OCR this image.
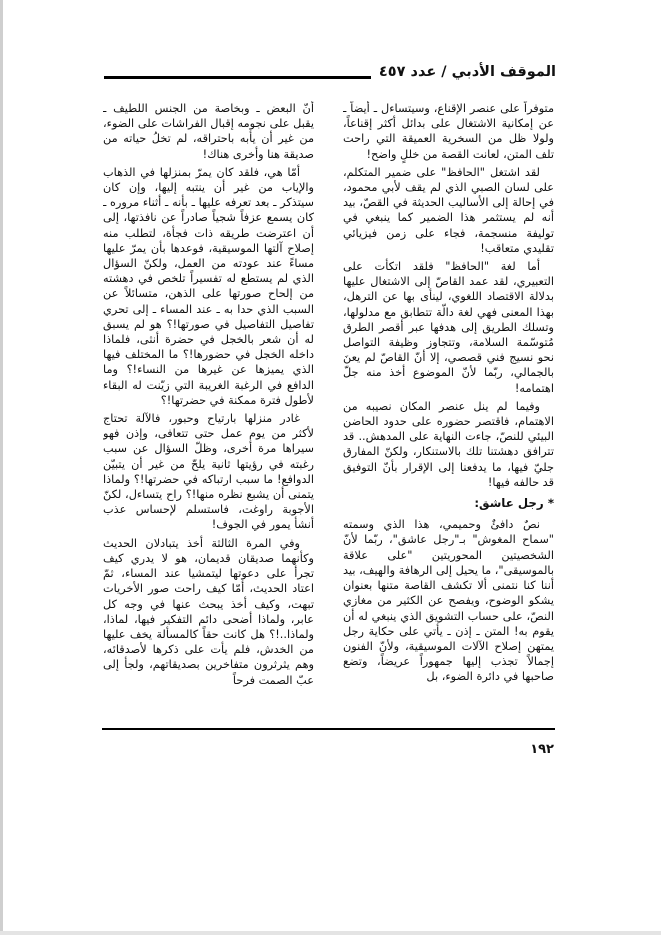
الموقف الأدبي / عدد ٤٥٧

متوفراً على عنصر الإقناع، وسيتساءل ـ أيضاً ـ عن إمكانية الاشتغال على بدائل أكثر إقناعاً، ولولا ظل من السخرية العميقة التي راحت تلف المتن، لعانت القصة من خللٍ واضح!

لقد اشتغل "الحافظ" على ضمير المتكلم، على لسان الصبي الذي لم يقف لأبي محمود، في إحالة إلى الأساليب الحديثة في القصّ، بيد أنه لم يستثمر هذا الضمير كما ينبغي في توليفة منسجمة، فجاء على زمن فيزيائي تقليدي متعاقب!

أما لغة "الحافظ" فلقد اتكأت على التعبيري، لقد عمد القاصّ إلى الاشتغال عليها بدلالة الاقتصاد اللغوي، لينأى بها عن الترهل، بهذا المعنى فهي لغة دالّة تتطابق مع مدلولها، وتسلك الطريق إلى هدفها عبر أقصر الطرق مُتوسّمة السلامة، وتتجاوز وظيفة التواصل نحو نسيج فني قصصي، إلا أنّ القاصّ لم يعنَ بالجمالي، ربّما لأنّ الموضوع أخذ منه جلّ اهتمامه!

وفيما لم ينل عنصر المكان نصيبه من الاهتمام، فاقتصر حضوره على حدود الحاضن البيئي للنصّ، جاءت النهاية على المدهش.. قد تترافق دهشتنا تلك بالاستنكار، ولكنّ المفارق جليّ فيها، ما يدفعنا إلى الإقرار بأنّ التوفيق قد حالفه فيها!

* رجل عاشق:

نصٌ دافئٌ وحميمي، هذا الذي وسمته "سماح المغوش" بـ"رجل عاشق"، ربّما لأنّ الشخصيتين المحوريتين "على علاقة بالموسيقى"، ما يحيل إلى الرهافة والهيف، بيد أننا كنا نتمنى ألا تكشف القاصة متنها بعنوان يشكو الوضوح، ويفصح عن الكثير من مغازي النصّ، على حساب التشويق الذي ينبغي له أن يقوم به! المتن ـ إذن ـ يأتي على حكاية رجل يمتهن إصلاح الآلات الموسيقية، ولأنّ الفنون إجمالاً تجذب إليها جمهوراً عريضاً، وتضع صاحبها في دائرة الضوء، بل

أنّ البعض ـ وبخاصة من الجنس اللطيف ـ يقبل على نجومه إقبال الفراشات على الضوء، من غير أن يأبه باحتراقه، لم تخلُ حياته من صديقة هنا وأخرى هناك!

أمّا هي، فلقد كان يمرّ بمنزلها في الذهاب والإياب من غير أن ينتبه إليها، وإن كان سيتذكر ـ بعد تعرفه عليها ـ بأنه ـ أثناء مروره ـ كان يسمع عزفاً شجياً صادراً عن نافذتها، إلى أن اعترضت طريقه ذات فجأة، لتطلب منه إصلاح آلتها الموسيقية، فوعدها بأن يمرّ عليها مساءً عند عودته من العمل، ولكنّ السؤال الذي لم يستطع له تفسيراً تلخص في دهشته من إلحاح صورتها على الذهن، متسائلاً عن السبب الذي حدا به ـ عند المساء ـ إلى تحري تفاصيل التفاصيل في صورتها!؟ هو لم يسبق له أن شعر بالخجل في حضرة أنثى، فلماذا داخله الخجل في حضورها!؟ ما المختلف فيها الذي يميزها عن غيرها من النساء!؟ وما الدافع في الرغبة الغريبة التي زيّنت له البقاء لأطول فترة ممكنة في حضرتها!؟

غادر منزلها بارتياح وحبور، فالآلة تحتاج لأكثر من يوم عمل حتى تتعافى، وإذن فهو سيراها مرة أخرى، وظلّ السؤال عن سبب رغبته في رؤيتها ثانية يلحّ من غير أن يتبيّن الدوافع! ما سبب ارتباكه في حضرتها!؟ ولماذا يتمنى أن يشبع نظره منها!؟ راح يتساءل، لكنّ الأجوبة راوغت، فاستسلم لإحساس عذب أنشأ يمور في الجوف!

وفي المرة الثالثة أخذ يتبادلان الحديث وكأنهما صديقان قديمان، هو لا يدري كيف تجرأ على دعوتها ليتمشيا عند المساء، ثمّ اعتاد الحديث، أمّا كيف راحت صور الأخريات تبهت، وكيف أخذ يبحث عنها في وجه كل عابر، ولماذا أضحى دائم التفكير فيها، لماذا، ولماذا..!؟ هل كانت حقاً كالمسألة يخف عليها من الخدش، فلم يأت على ذكرها لأصدقائه، وهم يثرثرون متفاخرين بصديقاتهم، ولجأ إلى عبّ الصمت فرحاً

١٩٢
